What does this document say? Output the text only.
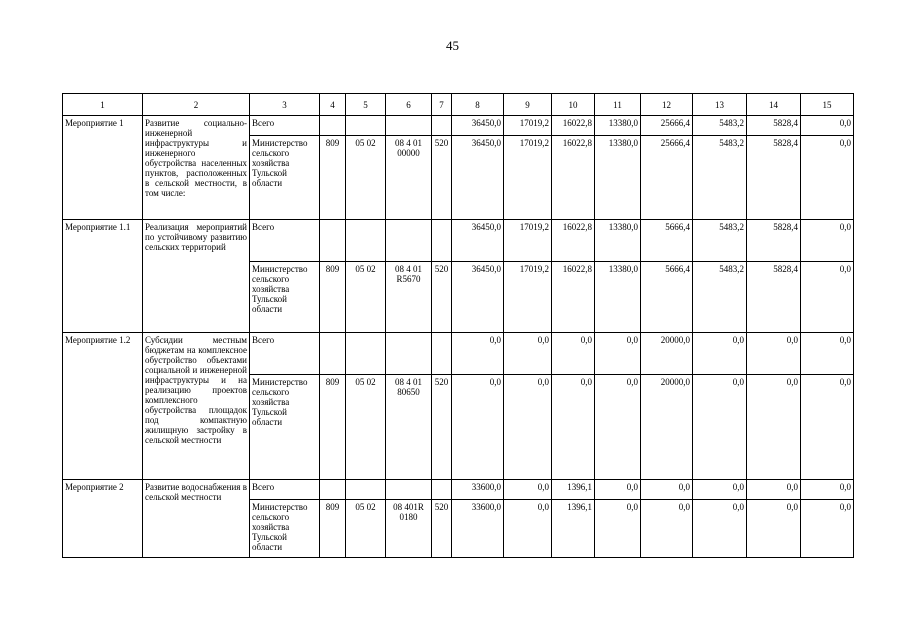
45
1	2	3	4	5	6	7	8	9	10	11	12	13	14	15
Мероприятие 1	Развитие социально-инженерной инфраструктуры и инженерного обустройства населенных пунктов, расположенных в сельской местности, в том числе:	Всего					36450,0	17019,2	16022,8	13380,0	25666,4	5483,2	5828,4	0,0
		Министерство сельского хозяйства Тульской области	809	05 02	08 4 01 00000	520	36450,0	17019,2	16022,8	13380,0	25666,4	5483,2	5828,4	0,0
Мероприятие 1.1	Реализация мероприятий по устойчивому развитию сельских территорий	Всего					36450,0	17019,2	16022,8	13380,0	5666,4	5483,2	5828,4	0,0
		Министерство сельского хозяйства Тульской области	809	05 02	08 4 01 R5670	520	36450,0	17019,2	16022,8	13380,0	5666,4	5483,2	5828,4	0,0
Мероприятие 1.2	Субсидии местным бюджетам на комплексное обустройство объектами социальной и инженерной инфраструктуры и на реализацию проектов комплексного обустройства площадок под компактную жилищную застройку в сельской местности	Всего					0,0	0,0	0,0	0,0	20000,0	0,0	0,0	0,0
		Министерство сельского хозяйства Тульской области	809	05 02	08 4 01 80650	520	0,0	0,0	0,0	0,0	20000,0	0,0	0,0	0,0
Мероприятие 2	Развитие водоснабжения в сельской местности	Всего					33600,0	0,0	1396,1	0,0	0,0	0,0	0,0	0,0
		Министерство сельского хозяйства Тульской области	809	05 02	08 401R 0180	520	33600,0	0,0	1396,1	0,0	0,0	0,0	0,0	0,0
